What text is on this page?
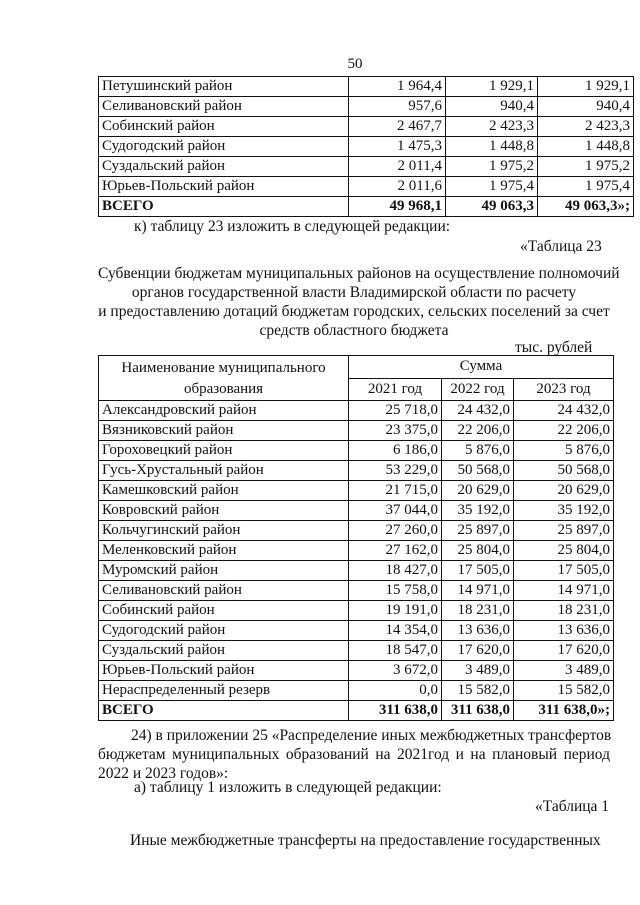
50
Петушинский район	1 964,4	1 929,1	1 929,1
Селивановский район	957,6	940,4	940,4
Собинский район	2 467,7	2 423,3	2 423,3
Судогодский район	1 475,3	1 448,8	1 448,8
Суздальский район	2 011,4	1 975,2	1 975,2
Юрьев-Польский район	2 011,6	1 975,4	1 975,4
ВСЕГО	49 968,1	49 063,3	49 063,3»;
к) таблицу 23 изложить в следующей редакции:
«Таблица 23
Субвенции бюджетам муниципальных районов на осуществление полномочий
органов государственной власти Владимирской области по расчету
и предоставлению дотаций бюджетам городских, сельских поселений за счет
средств областного бюджета
тыс. рублей
Наименование муниципального образования	Сумма		
	2021 год	2022 год	2023 год
Александровский район	25 718,0	24 432,0	24 432,0
Вязниковский район	23 375,0	22 206,0	22 206,0
Гороховецкий район	6 186,0	5 876,0	5 876,0
Гусь-Хрустальный район	53 229,0	50 568,0	50 568,0
Камешковский район	21 715,0	20 629,0	20 629,0
Ковровский район	37 044,0	35 192,0	35 192,0
Кольчугинский район	27 260,0	25 897,0	25 897,0
Меленковский район	27 162,0	25 804,0	25 804,0
Муромский район	18 427,0	17 505,0	17 505,0
Селивановский район	15 758,0	14 971,0	14 971,0
Собинский район	19 191,0	18 231,0	18 231,0
Судогодский район	14 354,0	13 636,0	13 636,0
Суздальский район	18 547,0	17 620,0	17 620,0
Юрьев-Польский район	3 672,0	3 489,0	3 489,0
Нераспределенный резерв	0,0	15 582,0	15 582,0
ВСЕГО	311 638,0	311 638,0	311 638,0»;
24) в приложении 25 «Распределение иных межбюджетных трансфертов
бюджетам муниципальных образований на 2021год и на плановый период
2022 и 2023 годов»:
а) таблицу 1 изложить в следующей редакции:
«Таблица 1
Иные межбюджетные трансферты на предоставление государственных
